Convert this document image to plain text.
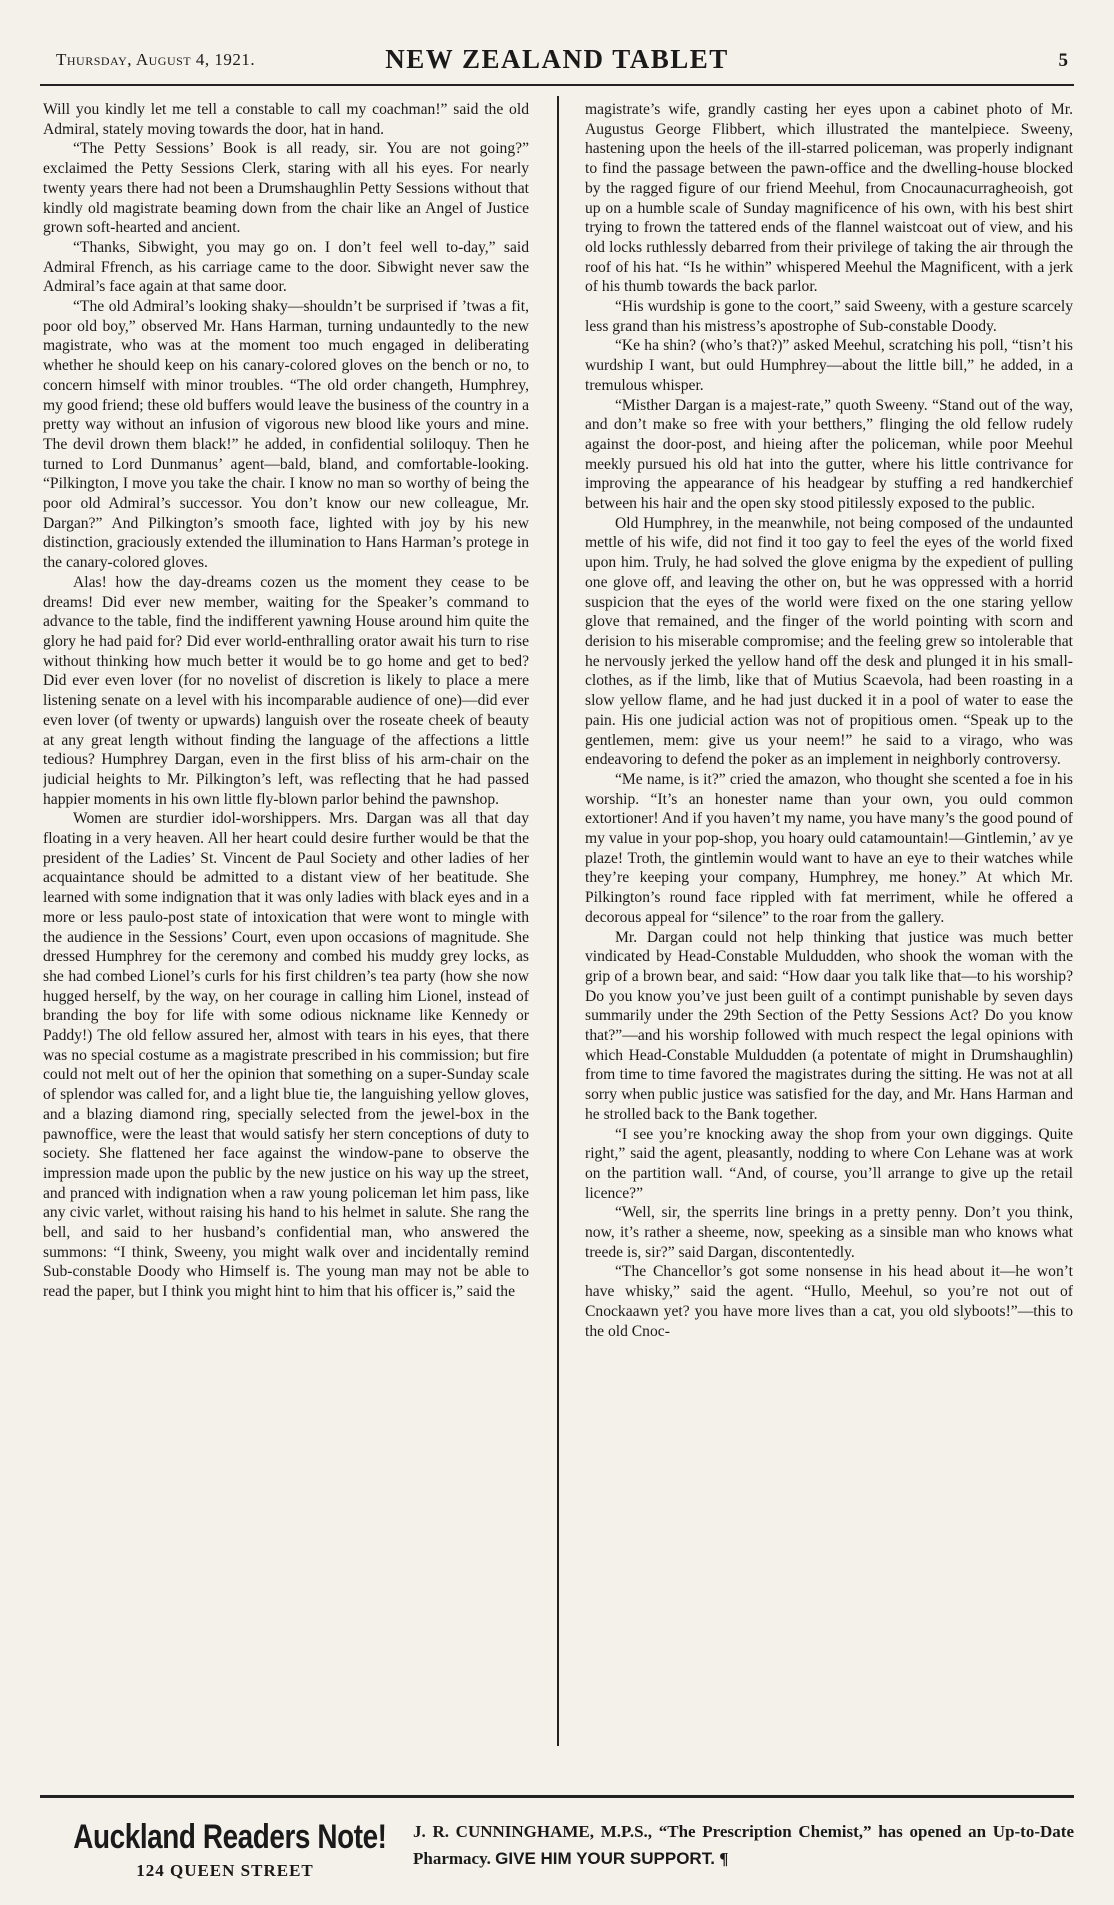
Thursday, August 4, 1921.	NEW ZEALAND TABLET	5

Will you kindly let me tell a constable to call my coachman!” said the old Admiral, stately moving towards the door, hat in hand.

“The Petty Sessions’ Book is all ready, sir. You are not going?” exclaimed the Petty Sessions Clerk, staring with all his eyes. For nearly twenty years there had not been a Drumshaughlin Petty Sessions without that kindly old magistrate beaming down from the chair like an Angel of Justice grown soft-hearted and ancient.

“Thanks, Sibwight, you may go on. I don’t feel well to-day,” said Admiral Ffrench, as his carriage came to the door. Sibwight never saw the Admiral’s face again at that same door.

“The old Admiral’s looking shaky—shouldn’t be surprised if ’twas a fit, poor old boy,” observed Mr. Hans Harman, turning undauntedly to the new magistrate, who was at the moment too much engaged in deliberating whether he should keep on his canary-colored gloves on the bench or no, to concern himself with minor troubles. “The old order changeth, Humphrey, my good friend; these old buffers would leave the business of the country in a pretty way without an infusion of vigorous new blood like yours and mine. The devil drown them black!” he added, in confidential soliloquy. Then he turned to Lord Dunmanus’ agent—bald, bland, and comfortable-looking. “Pilkington, I move you take the chair. I know no man so worthy of being the poor old Admiral’s successor. You don’t know our new colleague, Mr. Dargan?” And Pilkington’s smooth face, lighted with joy by his new distinction, graciously extended the illumination to Hans Harman’s protege in the canary-colored gloves.

Alas! how the day-dreams cozen us the moment they cease to be dreams! Did ever new member, waiting for the Speaker’s command to advance to the table, find the indifferent yawning House around him quite the glory he had paid for? Did ever world-enthralling orator await his turn to rise without thinking how much better it would be to go home and get to bed? Did ever even lover (for no novelist of discretion is likely to place a mere listening senate on a level with his incomparable audience of one)—did ever even lover (of twenty or upwards) languish over the roseate cheek of beauty at any great length without finding the language of the affections a little tedious? Humphrey Dargan, even in the first bliss of his arm-chair on the judicial heights to Mr. Pilkington’s left, was reflecting that he had passed happier moments in his own little fly-blown parlor behind the pawnshop.

Women are sturdier idol-worshippers. Mrs. Dargan was all that day floating in a very heaven. All her heart could desire further would be that the president of the Ladies’ St. Vincent de Paul Society and other ladies of her acquaintance should be admitted to a distant view of her beatitude. She learned with some indignation that it was only ladies with black eyes and in a more or less paulo-post state of intoxication that were wont to mingle with the audience in the Sessions’ Court, even upon occasions of magnitude. She dressed Humphrey for the ceremony and combed his muddy grey locks, as she had combed Lionel’s curls for his first children’s tea party (how she now hugged herself, by the way, on her courage in calling him Lionel, instead of branding the boy for life with some odious nickname like Kennedy or Paddy!) The old fellow assured her, almost with tears in his eyes, that there was no special costume as a magistrate prescribed in his commission; but fire could not melt out of her the opinion that something on a super-Sunday scale of splendor was called for, and a light blue tie, the languishing yellow gloves, and a blazing diamond ring, specially selected from the jewel-box in the pawnoffice, were the least that would satisfy her stern conceptions of duty to society. She flattened her face against the window-pane to observe the impression made upon the public by the new justice on his way up the street, and pranced with indignation when a raw young policeman let him pass, like any civic varlet, without raising his hand to his helmet in salute. She rang the bell, and said to her husband’s confidential man, who answered the summons: “I think, Sweeny, you might walk over and incidentally remind Sub-constable Doody who Himself is. The young man may not be able to read the paper, but I think you might hint to him that his officer is,” said the

magistrate’s wife, grandly casting her eyes upon a cabinet photo of Mr. Augustus George Flibbert, which illustrated the mantelpiece. Sweeny, hastening upon the heels of the ill-starred policeman, was properly indignant to find the passage between the pawn-office and the dwelling-house blocked by the ragged figure of our friend Meehul, from Cnocaunacurragheoish, got up on a humble scale of Sunday magnificence of his own, with his best shirt trying to frown the tattered ends of the flannel waistcoat out of view, and his old locks ruthlessly debarred from their privilege of taking the air through the roof of his hat. “Is he within” whispered Meehul the Magnificent, with a jerk of his thumb towards the back parlor.

“His wurdship is gone to the coort,” said Sweeny, with a gesture scarcely less grand than his mistress’s apostrophe of Sub-constable Doody.

“Ke ha shin? (who’s that?)” asked Meehul, scratching his poll, “tisn’t his wurdship I want, but ould Humphrey—about the little bill,” he added, in a tremulous whisper.

“Misther Dargan is a majest-rate,” quoth Sweeny. “Stand out of the way, and don’t make so free with your betthers,” flinging the old fellow rudely against the door-post, and hieing after the policeman, while poor Meehul meekly pursued his old hat into the gutter, where his little contrivance for improving the appearance of his headgear by stuffing a red handkerchief between his hair and the open sky stood pitilessly exposed to the public.

Old Humphrey, in the meanwhile, not being composed of the undaunted mettle of his wife, did not find it too gay to feel the eyes of the world fixed upon him. Truly, he had solved the glove enigma by the expedient of pulling one glove off, and leaving the other on, but he was oppressed with a horrid suspicion that the eyes of the world were fixed on the one staring yellow glove that remained, and the finger of the world pointing with scorn and derision to his miserable compromise; and the feeling grew so intolerable that he nervously jerked the yellow hand off the desk and plunged it in his small-clothes, as if the limb, like that of Mutius Scaevola, had been roasting in a slow yellow flame, and he had just ducked it in a pool of water to ease the pain. His one judicial action was not of propitious omen. “Speak up to the gentlemen, mem: give us your neem!” he said to a virago, who was endeavoring to defend the poker as an implement in neighborly controversy.

“Me name, is it?” cried the amazon, who thought she scented a foe in his worship. “It’s an honester name than your own, you ould common extortioner! And if you haven’t my name, you have many’s the good pound of my value in your pop-shop, you hoary ould catamountain!—Gintlemin,’ av ye plaze! Troth, the gintlemin would want to have an eye to their watches while they’re keeping your company, Humphrey, me honey.” At which Mr. Pilkington’s round face rippled with fat merriment, while he offered a decorous appeal for “silence” to the roar from the gallery.

Mr. Dargan could not help thinking that justice was much better vindicated by Head-Constable Muldudden, who shook the woman with the grip of a brown bear, and said: “How daar you talk like that—to his worship? Do you know you’ve just been guilt of a contimpt punishable by seven days summarily under the 29th Section of the Petty Sessions Act? Do you know that?”—and his worship followed with much respect the legal opinions with which Head-Constable Muldudden (a potentate of might in Drumshaughlin) from time to time favored the magistrates during the sitting. He was not at all sorry when public justice was satisfied for the day, and Mr. Hans Harman and he strolled back to the Bank together.

“I see you’re knocking away the shop from your own diggings. Quite right,” said the agent, pleasantly, nodding to where Con Lehane was at work on the partition wall. “And, of course, you’ll arrange to give up the retail licence?”

“Well, sir, the sperrits line brings in a pretty penny. Don’t you think, now, it’s rather a sheeme, now, speeking as a sinsible man who knows what treede is, sir?” said Dargan, discontentedly.

“The Chancellor’s got some nonsense in his head about it—he won’t have whisky,” said the agent. “Hullo, Meehul, so you’re not out of Cnockaawn yet? you have more lives than a cat, you old slyboots!”—this to the old Cnoc-

Auckland Readers Note!
124 QUEEN STREET
J. R. CUNNINGHAME, M.P.S., “The Prescription Chemist,” has opened an Up-to-Date Pharmacy. GIVE HIM YOUR SUPPORT. ¶
